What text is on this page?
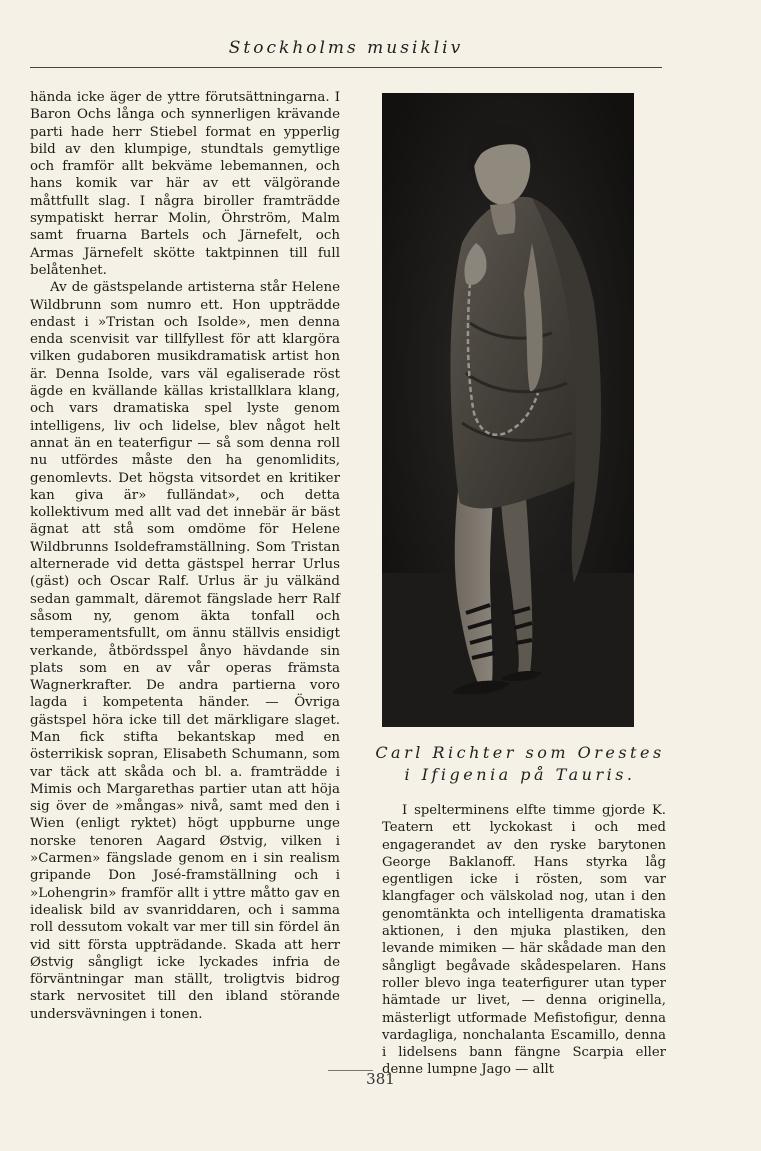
Stockholms musikliv

hända icke äger de yttre förutsättningarna. I Baron Ochs långa och synnerligen krävande parti hade herr Stiebel format en ypperlig bild av den klumpige, stundtals gemytlige och framför allt bekväme lebemannen, och hans komik var här av ett välgörande måttfullt slag. I några biroller framträdde sympatiskt herrar Molin, Öhrström, Malm samt fruarna Bartels och Järnefelt, och Armas Järnefelt skötte taktpinnen till full belåtenhet.

Av de gästspelande artisterna står Helene Wildbrunn som numro ett. Hon uppträdde endast i »Tristan och Isolde», men denna enda scenvisit var tillfyllest för att klargöra vilken gudaboren musikdramatisk artist hon är. Denna Isolde, vars väl egaliserade röst ägde en kvällande källas kristallklara klang, och vars dramatiska spel lyste genom intelligens, liv och lidelse, blev något helt annat än en teaterfigur — så som denna roll nu utfördes måste den ha genomlidits, genomlevts. Det högsta vitsordet en kritiker kan giva är» fulländat», och detta kollektivum med allt vad det innebär är bäst ägnat att stå som omdöme för Helene Wildbrunns Isoldeframställning. Som Tristan alternerade vid detta gästspel herrar Urlus (gäst) och Oscar Ralf. Urlus är ju välkänd sedan gammalt, däremot fängslade herr Ralf såsom ny, genom äkta tonfall och temperamentsfullt, om ännu ställvis ensidigt verkande, åtbördsspel ånyo hävdande sin plats som en av vår operas främsta Wagnerkrafter. De andra partierna voro lagda i kompetenta händer. — Övriga gästspel höra icke till det märkligare slaget. Man fick stifta bekantskap med en österrikisk sopran, Elisabeth Schumann, som var täck att skåda och bl. a. framträdde i Mimis och Margarethas partier utan att höja sig över de »mångas» nivå, samt med den i Wien (enligt ryktet) högt uppburne unge norske tenoren Aagard Østvig, vilken i »Carmen» fängslade genom en i sin realism gripande Don José-framställning och i »Lohengrin» framför allt i yttre måtto gav en idealisk bild av svanriddaren, och i samma roll dessutom vokalt var mer till sin fördel än vid sitt första uppträdande. Skada att herr Østvig sångligt icke lyckades infria de förväntningar man ställt, troligtvis bidrog stark nervositet till den ibland störande undersvävningen i tonen.

Carl Richter som Orestes i Ifigenia på Tauris.

I spelterminens elfte timme gjorde K. Teatern ett lyckokast i och med engagerandet av den ryske barytonen George Baklanoff. Hans styrka låg egentligen icke i rösten, som var klangfager och välskolad nog, utan i den genomtänkta och intelligenta dramatiska aktionen, i den mjuka plastiken, den levande mimiken — här skådade man den sångligt begåvade skådespelaren. Hans roller blevo inga teaterfigurer utan typer hämtade ur livet, — denna originella, mästerligt utformade Mefistofigur, denna vardagliga, nonchalanta Escamillo, denna i lidelsens bann fängne Scarpia eller denne lumpne Jago — allt

381
